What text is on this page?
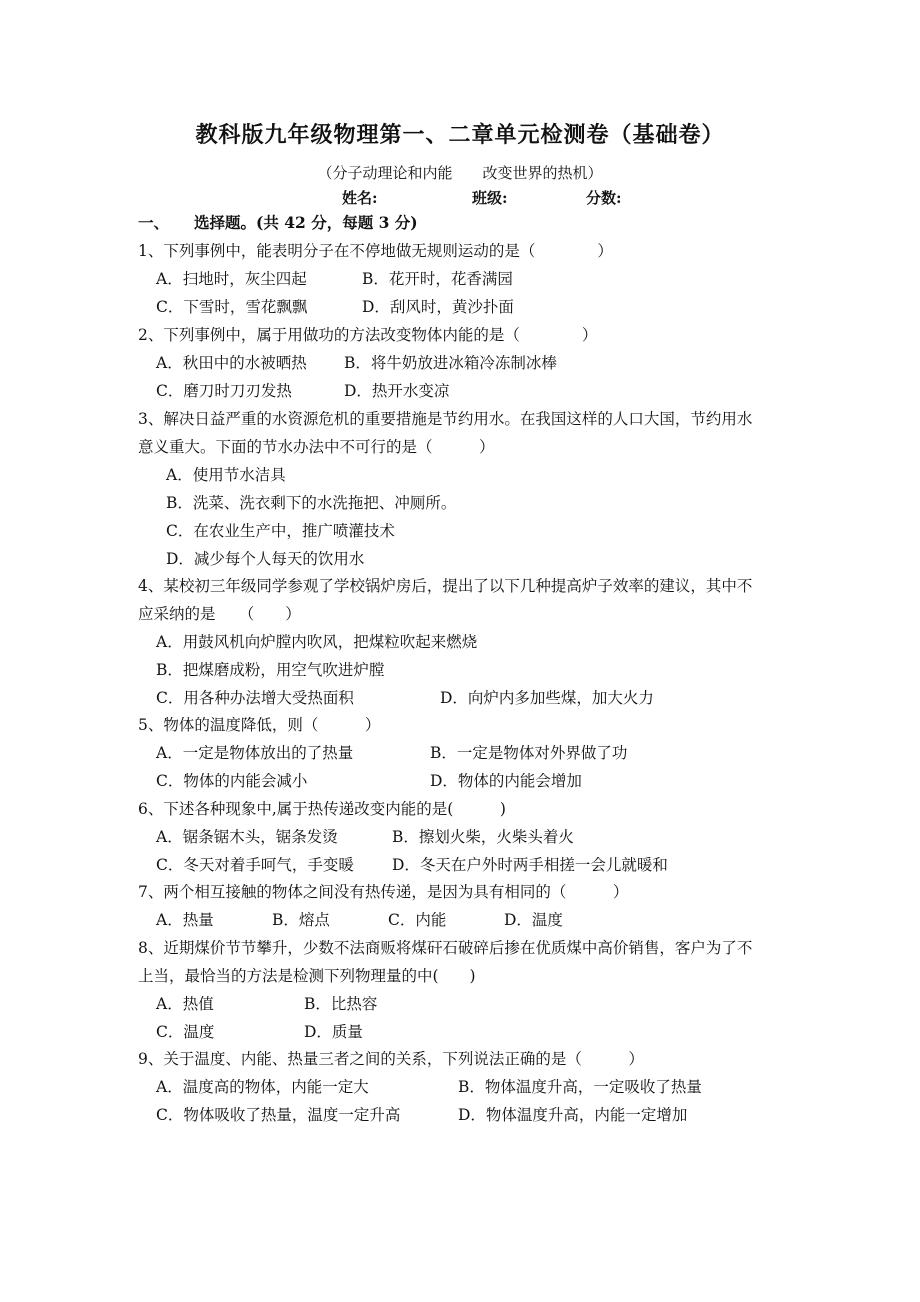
教科版九年级物理第一、二章单元检测卷（基础卷）
（分子动理论和内能　　改变世界的热机）
姓名:	班级:	分数:
一、 选择题。(共 42 分，每题 3 分)
1、下列事例中，能表明分子在不停地做无规则运动的是（　　　　）
A．扫地时，灰尘四起	B．花开时，花香满园
C．下雪时，雪花飘飘	D．刮风时，黄沙扑面
2、下列事例中，属于用做功的方法改变物体内能的是（　　　　）
A．秋田中的水被晒热 B．将牛奶放进冰箱冷冻制冰棒
C．磨刀时刀刃发热	D．热开水变凉
3、解决日益严重的水资源危机的重要措施是节约用水。在我国这样的人口大国，节约用水
意义重大。下面的节水办法中不可行的是（　　　）
A．使用节水洁具
B．洗菜、洗衣剩下的水洗拖把、冲厕所。
C．在农业生产中，推广喷灌技术
D．减少每个人每天的饮用水
4、某校初三年级同学参观了学校锅炉房后，提出了以下几种提高炉子效率的建议，其中不
应采纳的是　　（　　）
A．用鼓风机向炉膛内吹风，把煤粒吹起来燃烧
B．把煤磨成粉，用空气吹进炉膛
C．用各种办法增大受热面积	D．向炉内多加些煤，加大火力
5、物体的温度降低，则（　　　）
A．一定是物体放出的了热量	B．一定是物体对外界做了功
C．物体的内能会减小	D．物体的内能会增加
6、下述各种现象中,属于热传递改变内能的是(　　　)
A．锯条锯木头，锯条发烫	B．擦划火柴，火柴头着火
C．冬天对着手呵气，手变暖 D．冬天在户外时两手相搓一会儿就暖和
7、两个相互接触的物体之间没有热传递，是因为具有相同的（　　　）
A．热量	B．熔点	C．内能	D．温度
8、近期煤价节节攀升，少数不法商贩将煤矸石破碎后掺在优质煤中高价销售，客户为了不
上当，最恰当的方法是检测下列物理量的中(　　)
A．热值	B．比热容
C．温度	D．质量
9、关于温度、内能、热量三者之间的关系，下列说法正确的是（　　　）
A．温度高的物体，内能一定大	B．物体温度升高，一定吸收了热量
C．物体吸收了热量，温度一定升高	D．物体温度升高，内能一定增加
